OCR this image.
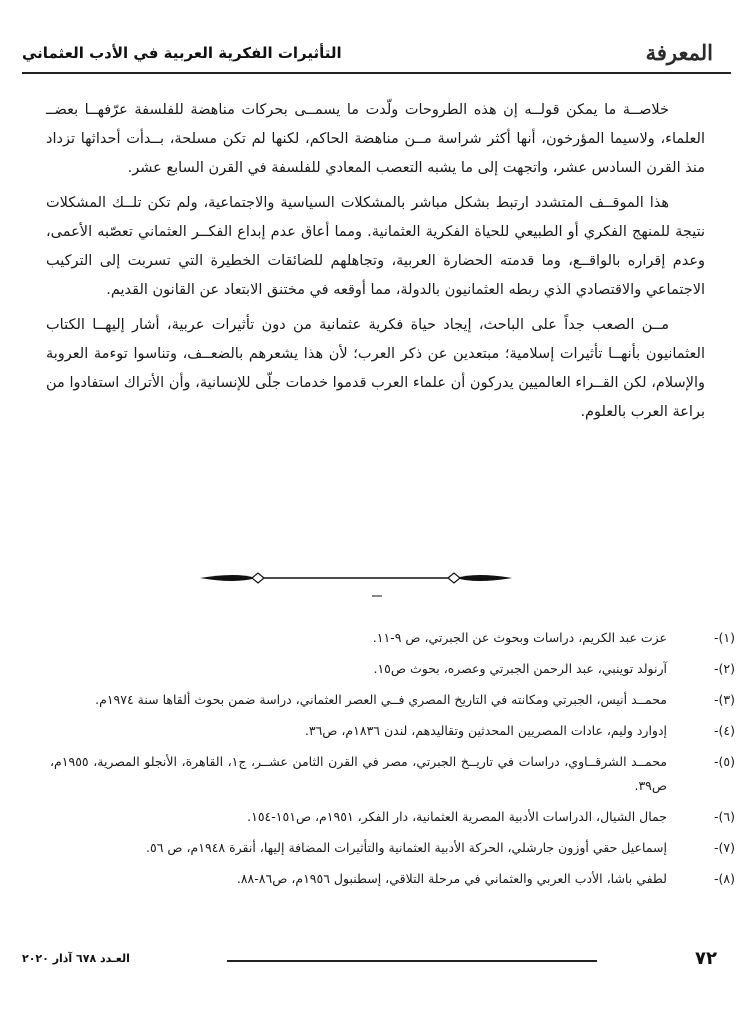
المعرفة
التأثيرات الفكرية العربية في الأدب العثماني

خلاصــة ما يمكن قولــه إن هذه الطروحات ولّدت ما يسمــى بحركات مناهضة للفلسفة عرّفهــا بعضــ العلماء، ولاسيما المؤرخون، أنها أكثر شراسة مــن مناهضة الحاكم، لكنها لم تكن مسلحة، بــدأت أحداثها تزداد منذ القرن السادس عشر، واتجهت إلى ما يشبه التعصب المعادي للفلسفة في القرن السابع عشر.

هذا الموقــف المتشدد ارتبط بشكل مباشر بالمشكلات السياسية والاجتماعية، ولم تكن تلــك المشكلات نتيجة للمنهج الفكري أو الطبيعي للحياة الفكرية العثمانية. ومما أعاق عدم إبداع الفكــر العثماني تعصّبه الأعمى، وعدم إقراره بالواقــع، وما قدمته الحضارة العربية، وتجاهلهم للضائقات الخطيرة التي تسربت إلى التركيب الاجتماعي والاقتصادي الذي ربطه العثمانيون بالدولة، مما أوقعه في مختنق الابتعاد عن القانون القديم.

مــن الصعب جداً على الباحث، إيجاد حياة فكرية عثمانية من دون تأثيرات عربية، أشار إليهــا الكتاب العثمانيون بأنهــا تأثيرات إسلامية؛ مبتعدين عن ذكر العرب؛ لأن هذا يشعرهم بالضعــف، وتناسوا توءمة العروبة والإسلام، لكن القــراء العالميين يدركون أن علماء العرب قدموا خدمات جلّى للإنسانية، وأن الأتراك استفادوا من براعة العرب بالعلوم.

(١)-عزت عبد الكريم، دراسات وبحوث عن الجبرتي، ص ٩-١١.
(٢)-آرنولد توينبي، عبد الرحمن الجبرتي وعصره، بحوث ص١٥.
(٣)-محمــد أنيس، الجبرتي ومكانته في التاريخ المصري فــي العصر العثماني، دراسة ضمن بحوث ألقاها سنة ١٩٧٤م.
(٤)-إدوارد وليم، عادات المصريين المحدثين وتقاليدهم، لندن ١٨٣٦م، ص٣٦.
(٥)-محمــد الشرقــاوي، دراسات في تاريــخ الجبرتي، مصر في القرن الثامن عشــر، ج١، القاهرة، الأنجلو المصرية، ١٩٥٥م، ص٣٩.
(٦)-جمال الشيال، الدراسات الأدبية المصرية العثمانية، دار الفكر، ١٩٥١م، ص١٥١-١٥٤.
(٧)-إسماعيل حقي أوزون جارشلي، الحركة الأدبية العثمانية والتأثيرات المضافة إليها، أنقرة ١٩٤٨م، ص ٥٦.
(٨)-لطفي باشا، الأدب العربي والعثماني في مرحلة التلاقي، إسطنبول ١٩٥٦م، ص٨٦-٨٨.
٧٢
العـدد ٦٧٨ آذار ٢٠٢٠
